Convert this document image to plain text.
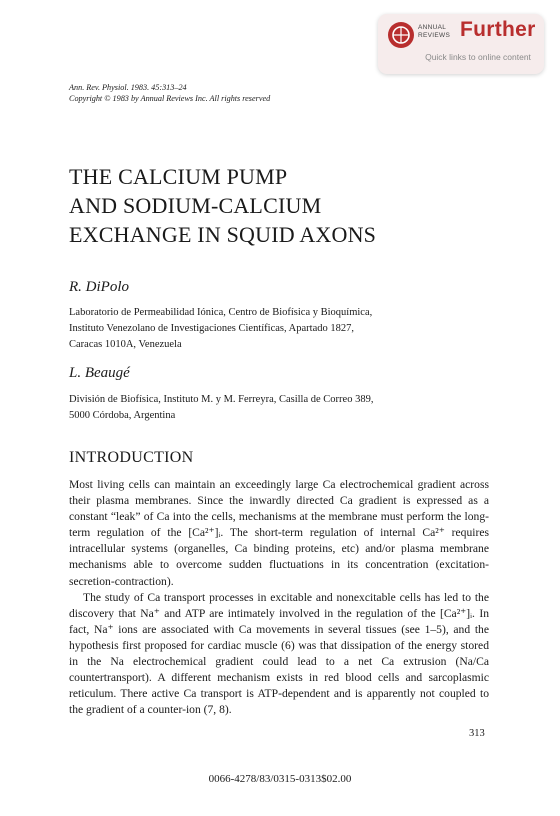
ANNUAL
REVIEWS Further
Quick links to online content
Ann. Rev. Physiol. 1983. 45:313–24
Copyright © 1983 by Annual Reviews Inc. All rights reserved
THE CALCIUM PUMP
AND SODIUM-CALCIUM
EXCHANGE IN SQUID AXONS
R. DiPolo
Laboratorio de Permeabilidad Iónica, Centro de Biofísica y Bioquímica,
Instituto Venezolano de Investigaciones Científicas, Apartado 1827,
Caracas 1010A, Venezuela
L. Beaugé
División de Biofísica, Instituto M. y M. Ferreyra, Casilla de Correo 389,
5000 Córdoba, Argentina
INTRODUCTION

Most living cells can maintain an exceedingly large Ca electrochemical gradient across their plasma membranes. Since the inwardly directed Ca gradient is expressed as a constant “leak” of Ca into the cells, mechanisms at the membrane must perform the long-term regulation of the [Ca²⁺]ᵢ. The short-term regulation of internal Ca²⁺ requires intracellular systems (organelles, Ca binding proteins, etc) and/or plasma membrane mechanisms able to overcome sudden fluctuations in its concentration (excitation-secretion-contraction).

The study of Ca transport processes in excitable and nonexcitable cells has led to the discovery that Na⁺ and ATP are intimately involved in the regulation of the [Ca²⁺]ᵢ. In fact, Na⁺ ions are associated with Ca movements in several tissues (see 1–5), and the hypothesis first proposed for cardiac muscle (6) was that dissipation of the energy stored in the Na electrochemical gradient could lead to a net Ca extrusion (Na/Ca countertransport). A different mechanism exists in red blood cells and sarcoplasmic reticulum. There active Ca transport is ATP-dependent and is apparently not coupled to the gradient of a counter-ion (7, 8).

313
0066-4278/83/0315-0313$02.00
